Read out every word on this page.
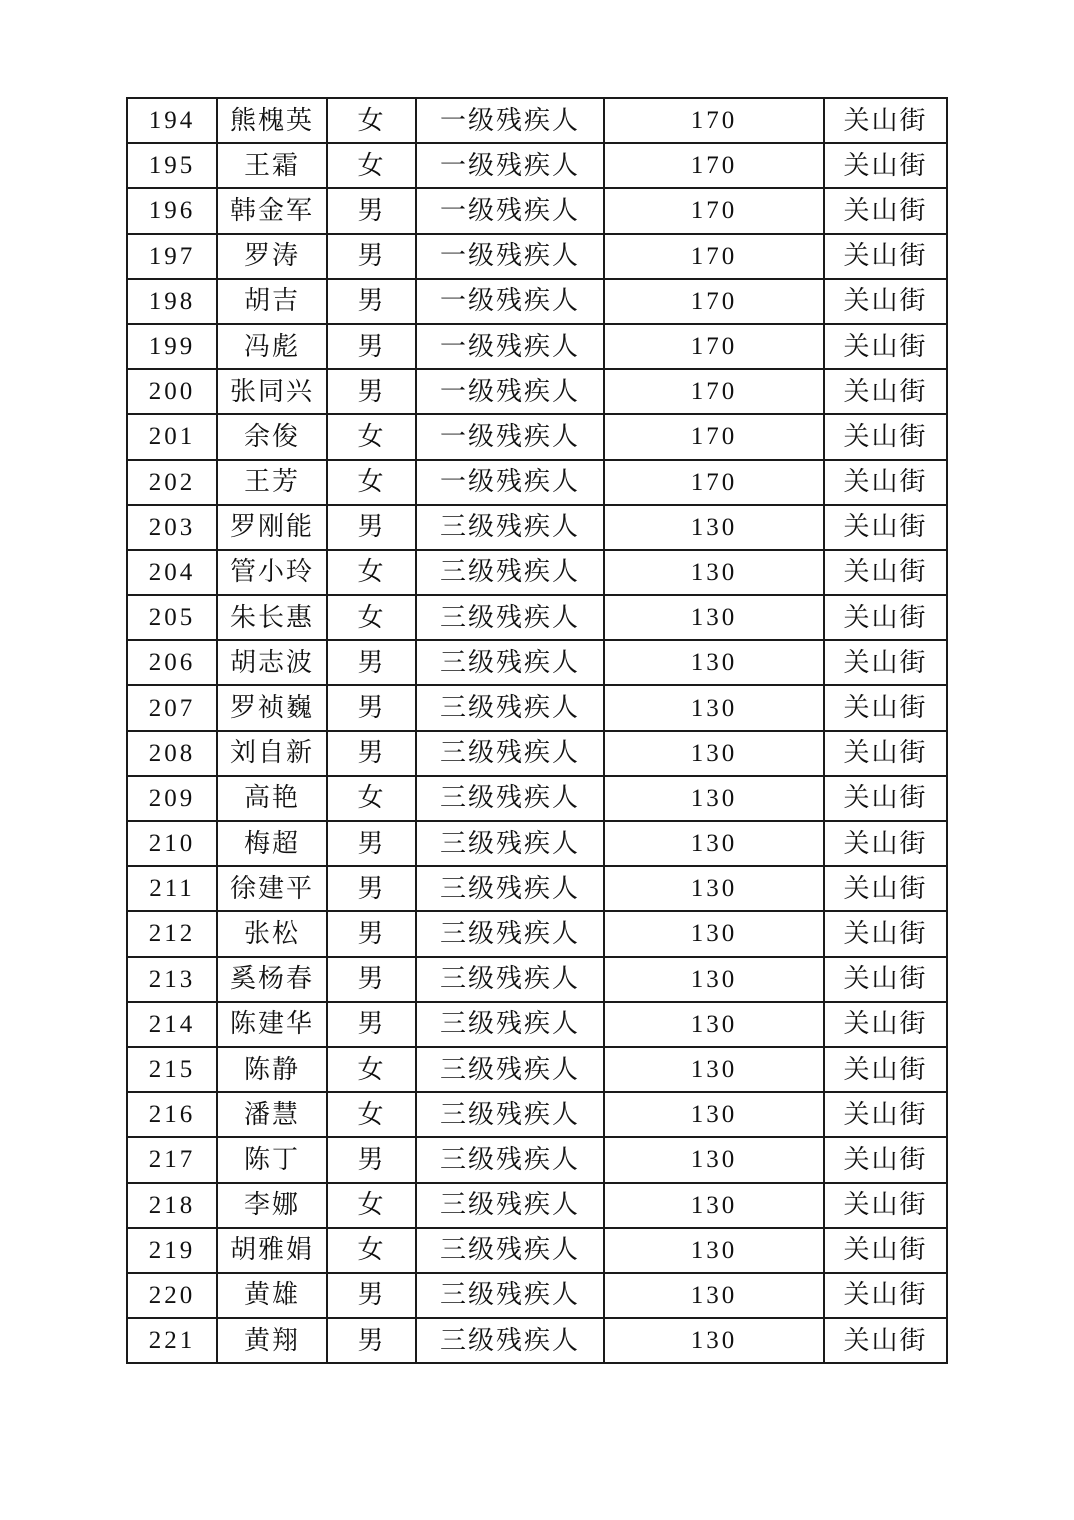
194	熊槐英	女	一级残疾人	170	关山街
195	王霜	女	一级残疾人	170	关山街
196	韩金军	男	一级残疾人	170	关山街
197	罗涛	男	一级残疾人	170	关山街
198	胡吉	男	一级残疾人	170	关山街
199	冯彪	男	一级残疾人	170	关山街
200	张同兴	男	一级残疾人	170	关山街
201	余俊	女	一级残疾人	170	关山街
202	王芳	女	一级残疾人	170	关山街
203	罗刚能	男	三级残疾人	130	关山街
204	管小玲	女	三级残疾人	130	关山街
205	朱长惠	女	三级残疾人	130	关山街
206	胡志波	男	三级残疾人	130	关山街
207	罗祯巍	男	三级残疾人	130	关山街
208	刘自新	男	三级残疾人	130	关山街
209	高艳	女	三级残疾人	130	关山街
210	梅超	男	三级残疾人	130	关山街
211	徐建平	男	三级残疾人	130	关山街
212	张松	男	三级残疾人	130	关山街
213	奚杨春	男	三级残疾人	130	关山街
214	陈建华	男	三级残疾人	130	关山街
215	陈静	女	三级残疾人	130	关山街
216	潘慧	女	三级残疾人	130	关山街
217	陈丁	男	三级残疾人	130	关山街
218	李娜	女	三级残疾人	130	关山街
219	胡雅娟	女	三级残疾人	130	关山街
220	黄雄	男	三级残疾人	130	关山街
221	黄翔	男	三级残疾人	130	关山街
